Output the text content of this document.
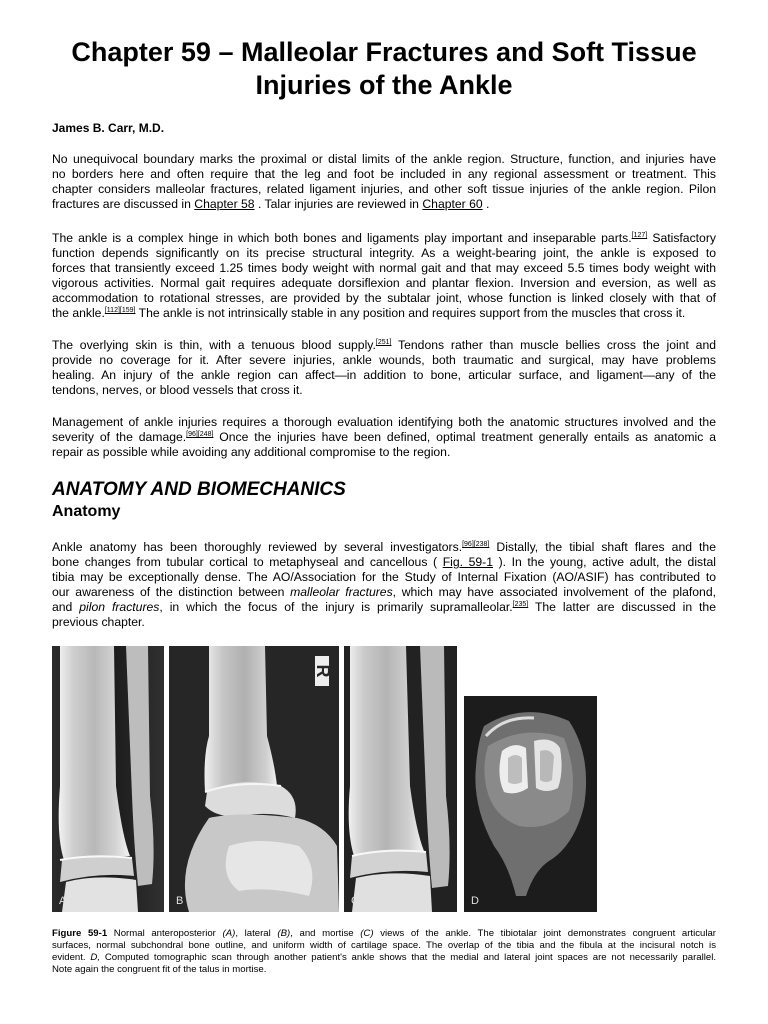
Chapter 59 – Malleolar Fractures and Soft Tissue
Injuries of the Ankle

James B. Carr, M.D.

No unequivocal boundary marks the proximal or distal limits of the ankle region. Structure, function, and injuries have
no borders here and often require that the leg and foot be included in any regional assessment or treatment. This
chapter considers malleolar fractures, related ligament injuries, and other soft tissue injuries of the ankle region. Pilon
fractures are discussed in Chapter 58 . Talar injuries are reviewed in Chapter 60 .

The ankle is a complex hinge in which both bones and ligaments play important and inseparable parts.[127] Satisfactory
function depends significantly on its precise structural integrity. As a weight-bearing joint, the ankle is exposed to
forces that transiently exceed 1.25 times body weight with normal gait and that may exceed 5.5 times body weight with
vigorous activities. Normal gait requires adequate dorsiflexion and plantar flexion. Inversion and eversion, as well as
accommodation to rotational stresses, are provided by the subtalar joint, whose function is linked closely with that of
the ankle.[112][159] The ankle is not intrinsically stable in any position and requires support from the muscles that cross it.

The overlying skin is thin, with a tenuous blood supply.[251] Tendons rather than muscle bellies cross the joint and
provide no coverage for it. After severe injuries, ankle wounds, both traumatic and surgical, may have problems
healing. An injury of the ankle region can affect—in addition to bone, articular surface, and ligament—any of the
tendons, nerves, or blood vessels that cross it.

Management of ankle injuries requires a thorough evaluation identifying both the anatomic structures involved and the
severity of the damage.[96][248] Once the injuries have been defined, optimal treatment generally entails as anatomic a
repair as possible while avoiding any additional compromise to the region.

ANATOMY AND BIOMECHANICS
Anatomy

Ankle anatomy has been thoroughly reviewed by several investigators.[96][238] Distally, the tibial shaft flares and the
bone changes from tubular cortical to metaphyseal and cancellous ( Fig. 59-1 ). In the young, active adult, the distal
tibia may be exceptionally dense. The AO/Association for the Study of Internal Fixation (AO/ASIF) has contributed to
our awareness of the distinction between malleolar fractures, which may have associated involvement of the plafond,
and pilon fractures, in which the focus of the injury is primarily supramalleolar.[235] The latter are discussed in the
previous chapter.

A
R
B	C	D

Figure 59-1 Normal anteroposterior (A), lateral (B), and mortise (C) views of the ankle. The tibiotalar joint demonstrates congruent articular
surfaces, normal subchondral bone outline, and uniform width of cartilage space. The overlap of the tibia and the fibula at the incisural notch is
evident. D, Computed tomographic scan through another patient's ankle shows that the medial and lateral joint spaces are not necessarily parallel.
Note again the congruent fit of the talus in mortise.
